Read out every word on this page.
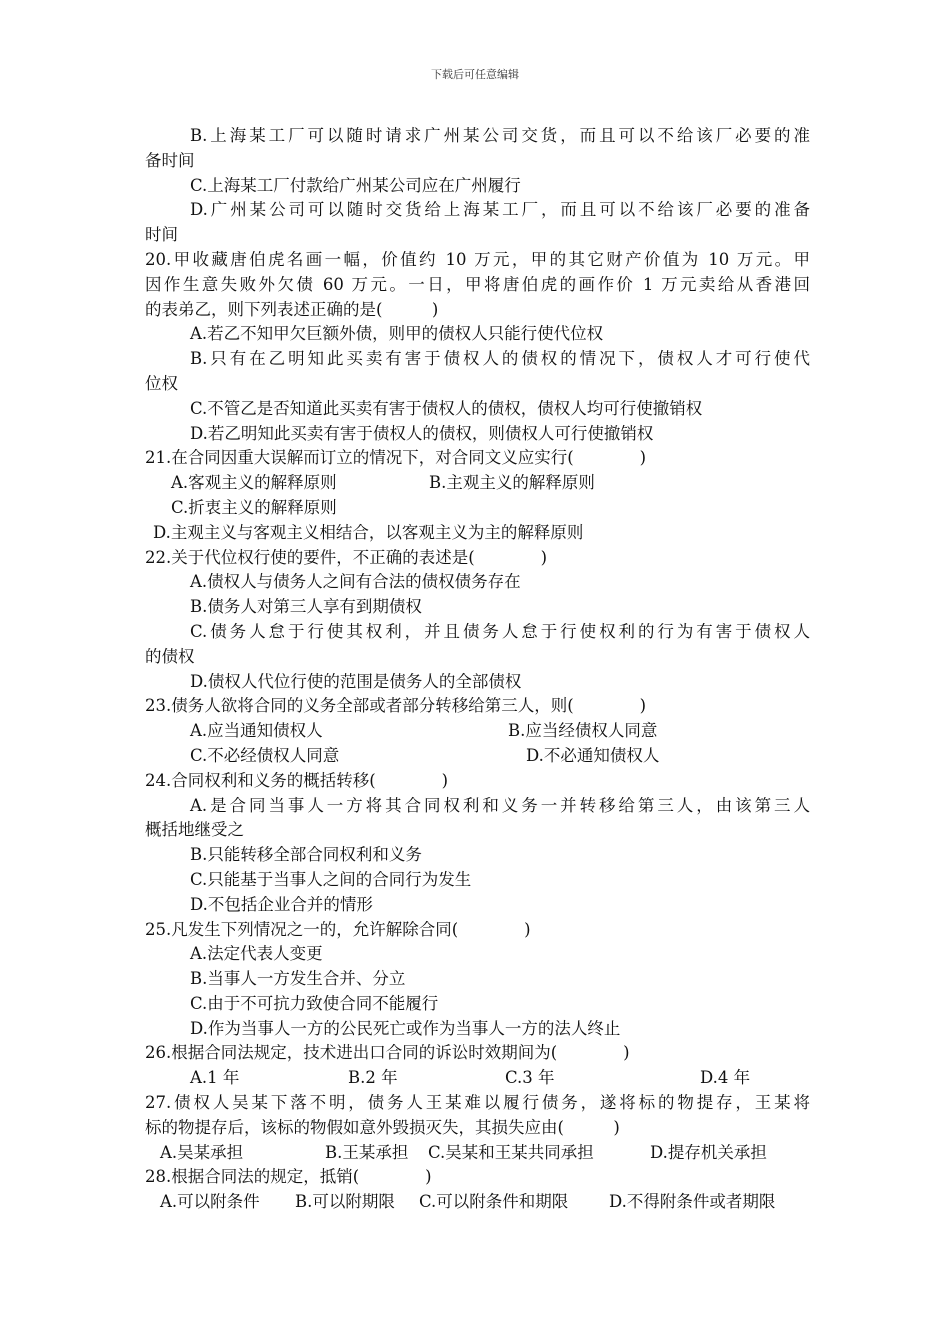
下载后可任意编辑
B.上海某工厂可以随时请求广州某公司交货，而且可以不给该厂必要的准
备时间
C.上海某工厂付款给广州某公司应在广州履行
D.广州某公司可以随时交货给上海某工厂，而且可以不给该厂必要的准备
时间
20.甲收藏唐伯虎名画一幅，价值约 10 万元，甲的其它财产价值为 10 万元。甲
因作生意失败外欠债 60 万元。一日，甲将唐伯虎的画作价 1 万元卖给从香港回
的表弟乙，则下列表述正确的是(　　　)
A.若乙不知甲欠巨额外债，则甲的债权人只能行使代位权
B.只有在乙明知此买卖有害于债权人的债权的情况下，债权人才可行使代
位权
C.不管乙是否知道此买卖有害于债权人的债权，债权人均可行使撤销权
D.若乙明知此买卖有害于债权人的债权，则债权人可行使撤销权
21.在合同因重大误解而订立的情况下，对合同文义应实行(　　　　)
A.客观主义的解释原则	B.主观主义的解释原则
C.折衷主义的解释原则
D.主观主义与客观主义相结合，以客观主义为主的解释原则
22.关于代位权行使的要件，不正确的表述是(　　　　)
A.债权人与债务人之间有合法的债权债务存在
B.债务人对第三人享有到期债权
C.债务人怠于行使其权利，并且债务人怠于行使权利的行为有害于债权人
的债权
D.债权人代位行使的范围是债务人的全部债权
23.债务人欲将合同的义务全部或者部分转移给第三人，则(　　　　)
A.应当通知债权人	B.应当经债权人同意
C.不必经债权人同意	D.不必通知债权人
24.合同权利和义务的概括转移(　　　　)
A.是合同当事人一方将其合同权利和义务一并转移给第三人，由该第三人
概括地继受之
B.只能转移全部合同权利和义务
C.只能基于当事人之间的合同行为发生
D.不包括企业合并的情形
25.凡发生下列情况之一的，允许解除合同(　　　　)
A.法定代表人变更
B.当事人一方发生合并、分立
C.由于不可抗力致使合同不能履行
D.作为当事人一方的公民死亡或作为当事人一方的法人终止
26.根据合同法规定，技术进出口合同的诉讼时效期间为(　　　　)
A.1 年	B.2 年	C.3 年	D.4 年
27.债权人吴某下落不明，债务人王某难以履行债务，遂将标的物提存，王某将
标的物提存后，该标的物假如意外毁损灭失，其损失应由(　　　)
A.吴某承担	B.王某承担	C.吴某和王某共同承担	D.提存机关承担
28.根据合同法的规定，抵销(　　　　)
A.可以附条件	B.可以附期限	C.可以附条件和期限	D.不得附条件或者期限
